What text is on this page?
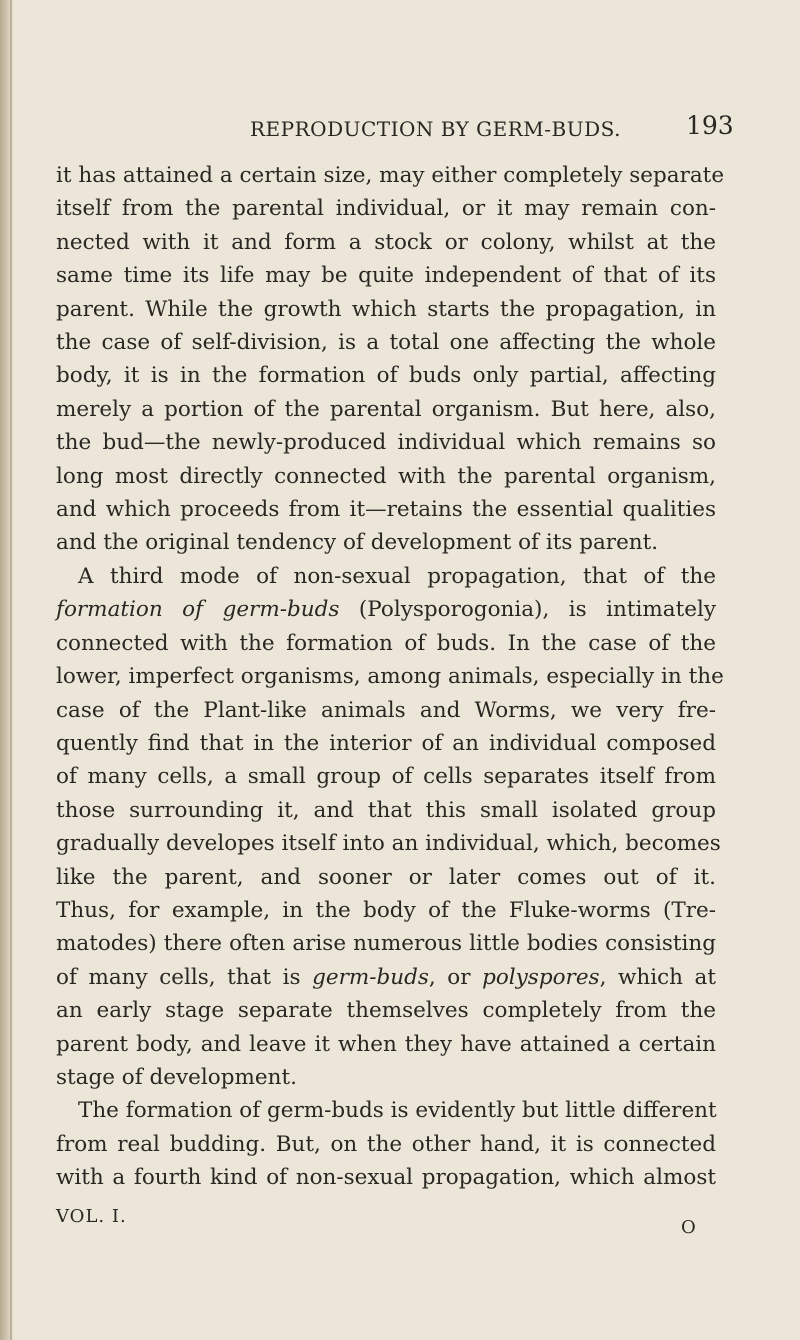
REPRODUCTION BY GERM-BUDS.	193
it has attained a certain size, may either completely separate
itself from the parental individual, or it may remain con-
nected with it and form a stock or colony, whilst at the
same time its life may be quite independent of that of its
parent. While the growth which starts the propagation, in
the case of self-division, is a total one affecting the whole
body, it is in the formation of buds only partial, affecting
merely a portion of the parental organism. But here, also,
the bud—the newly-produced individual which remains so
long most directly connected with the parental organism,
and which proceeds from it—retains the essential qualities
and the original tendency of development of its parent.
A third mode of non-sexual propagation, that of the
formation of germ-buds (Polysporogonia), is intimately
connected with the formation of buds. In the case of the
lower, imperfect organisms, among animals, especially in the
case of the Plant-like animals and Worms, we very fre-
quently find that in the interior of an individual composed
of many cells, a small group of cells separates itself from
those surrounding it, and that this small isolated group
gradually developes itself into an individual, which, becomes
like the parent, and sooner or later comes out of it.
Thus, for example, in the body of the Fluke-worms (Tre-
matodes) there often arise numerous little bodies consisting
of many cells, that is germ-buds, or polyspores, which at
an early stage separate themselves completely from the
parent body, and leave it when they have attained a certain
stage of development.
The formation of germ-buds is evidently but little different
from real budding. But, on the other hand, it is connected
with a fourth kind of non-sexual propagation, which almost
VOL. I.
O
